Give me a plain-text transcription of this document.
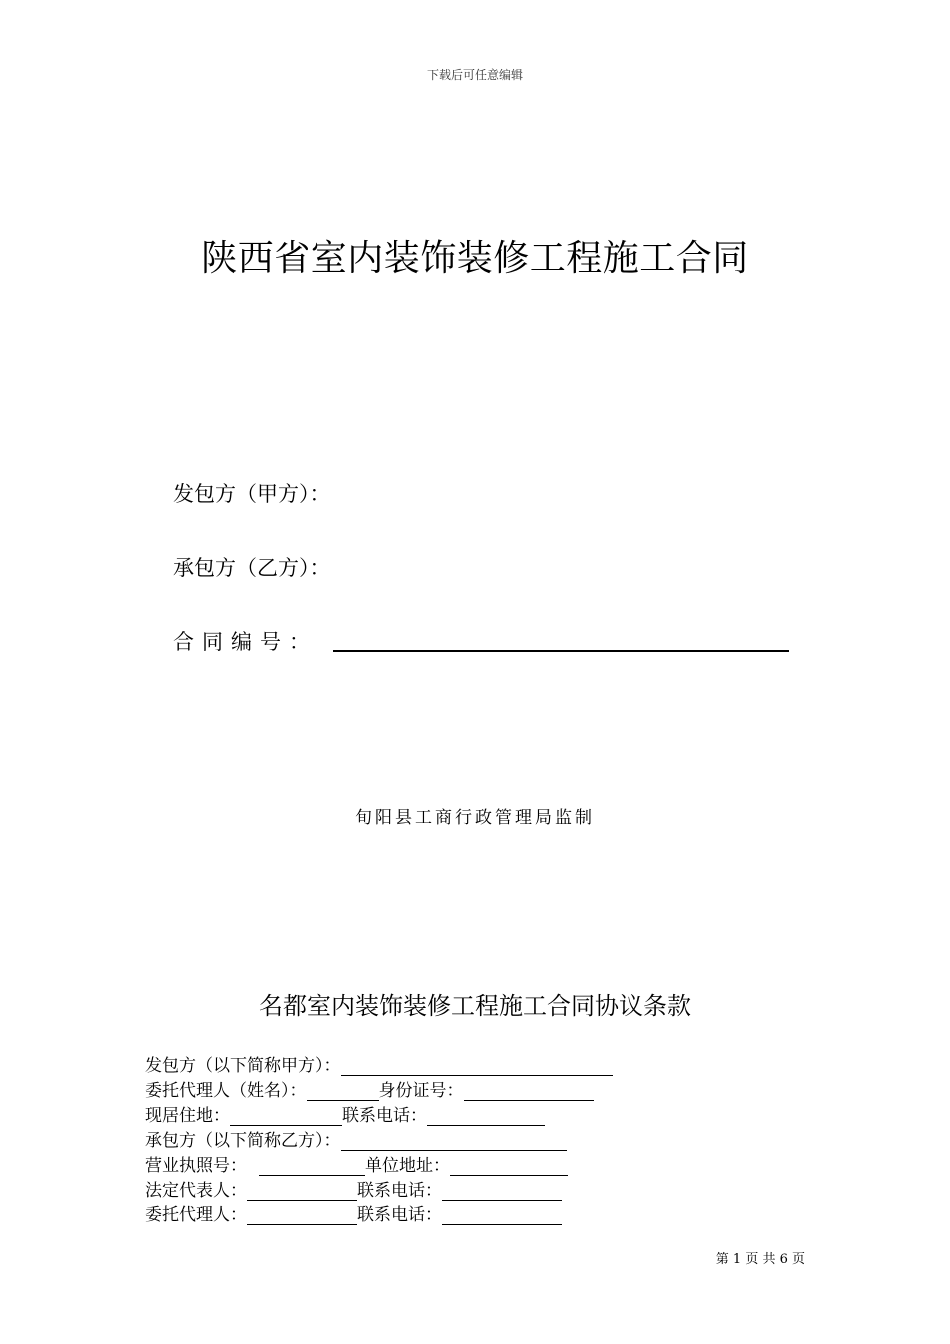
下载后可任意编辑
陕西省室内装饰装修工程施工合同
发包方（甲方）：
承包方（乙方）：
合同编号：
旬阳县工商行政管理局监制
名都室内装饰装修工程施工合同协议条款
发包方（以下简称甲方）：
委托代理人（姓名）：	身份证号：
现居住地：	联系电话：
承包方（以下简称乙方）：
营业执照号：	单位地址：
法定代表人：	联系电话：
委托代理人：	联系电话：
第 1 页 共 6 页
